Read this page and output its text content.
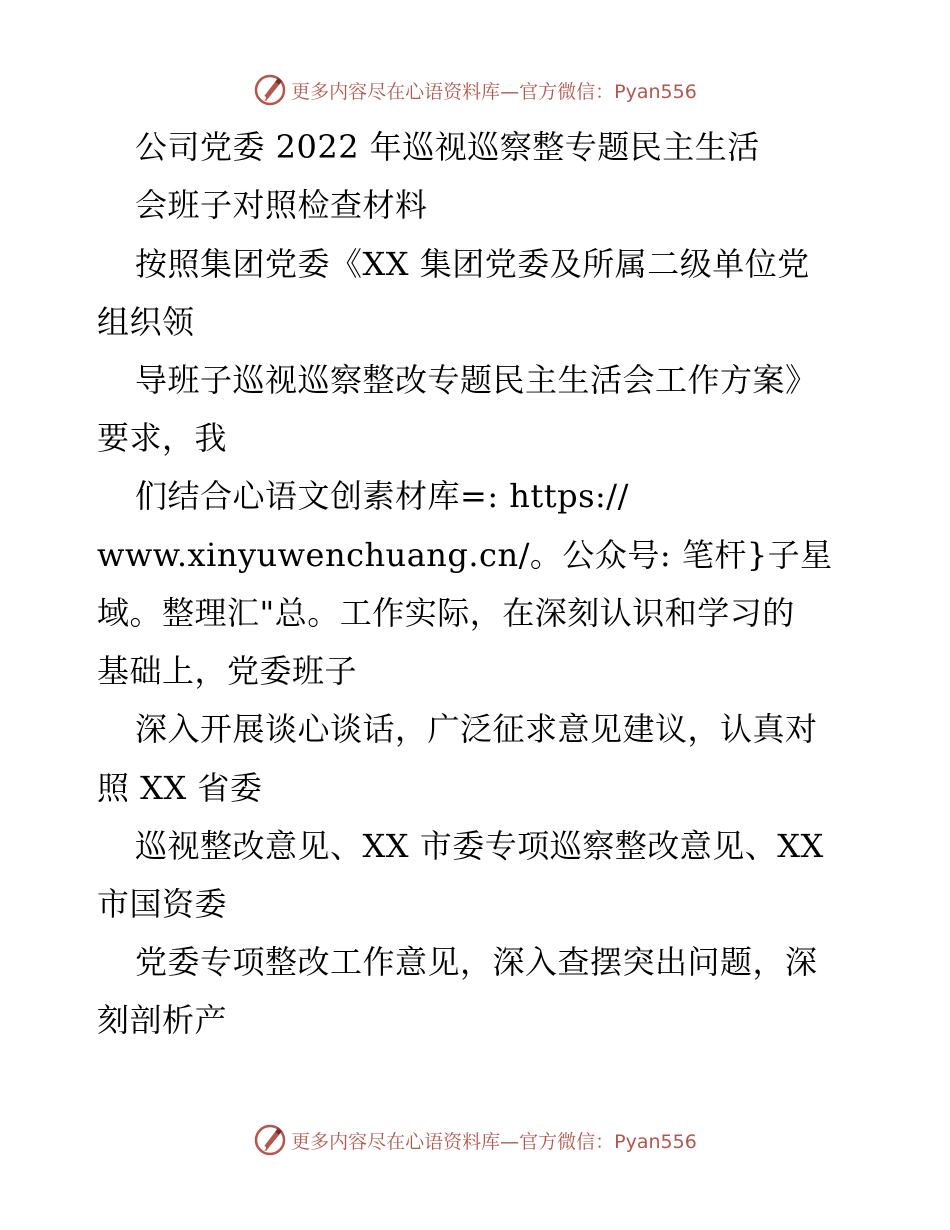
更多内容尽在心语资料库—官方微信：Pyan556
公司党委 2022 年巡视巡察整专题民主生活
会班子对照检查材料
按照集团党委《XX 集团党委及所属二级单位党
组织领
导班子巡视巡察整改专题民主生活会工作方案》
要求，我
们结合心语文创素材库=: https://
www.xinyuwenchuang.cn/。公众号: 笔杆}子星
域。整理汇"总。工作实际，在深刻认识和学习的
基础上，党委班子
深入开展谈心谈话，广泛征求意见建议，认真对
照 XX 省委
巡视整改意见、XX 市委专项巡察整改意见、XX
市国资委
党委专项整改工作意见，深入查摆突出问题，深
刻剖析产
更多内容尽在心语资料库—官方微信：Pyan556
